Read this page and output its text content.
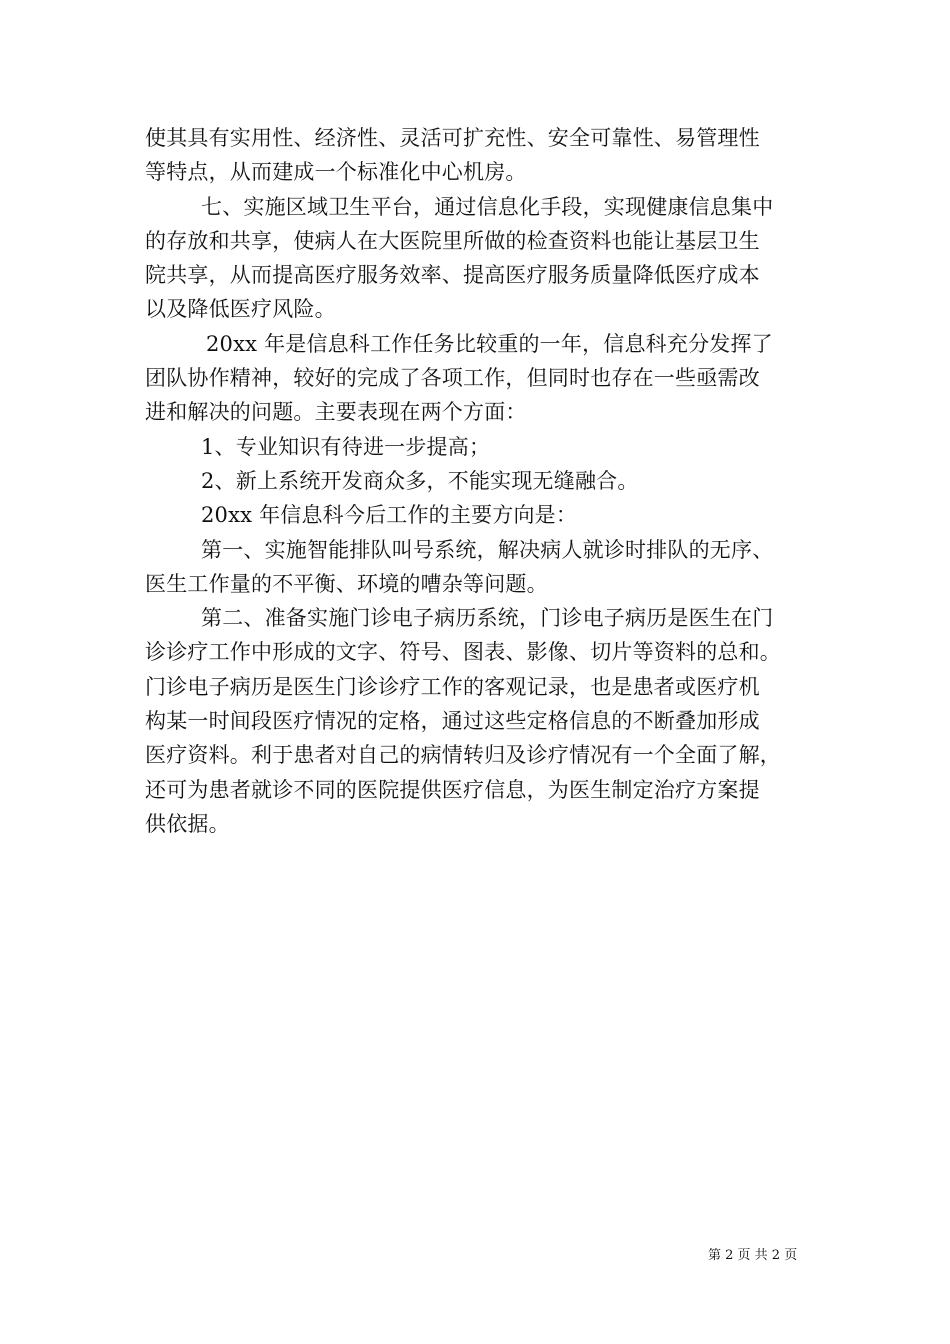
使其具有实用性、经济性、灵活可扩充性、安全可靠性、易管理性
等特点，从而建成一个标准化中心机房。
七、实施区域卫生平台，通过信息化手段，实现健康信息集中
的存放和共享，使病人在大医院里所做的检查资料也能让基层卫生
院共享，从而提高医疗服务效率、提高医疗服务质量降低医疗成本
以及降低医疗风险。
20xx 年是信息科工作任务比较重的一年，信息科充分发挥了
团队协作精神，较好的完成了各项工作，但同时也存在一些亟需改
进和解决的问题。主要表现在两个方面：
1、专业知识有待进一步提高；
2、新上系统开发商众多，不能实现无缝融合。
20xx 年信息科今后工作的主要方向是：
第一、实施智能排队叫号系统，解决病人就诊时排队的无序、
医生工作量的不平衡、环境的嘈杂等问题。
第二、准备实施门诊电子病历系统，门诊电子病历是医生在门
诊诊疗工作中形成的文字、符号、图表、影像、切片等资料的总和。
门诊电子病历是医生门诊诊疗工作的客观记录，也是患者或医疗机
构某一时间段医疗情况的定格，通过这些定格信息的不断叠加形成
医疗资料。利于患者对自己的病情转归及诊疗情况有一个全面了解，
还可为患者就诊不同的医院提供医疗信息，为医生制定治疗方案提
供依据。
第 2 页 共 2 页
